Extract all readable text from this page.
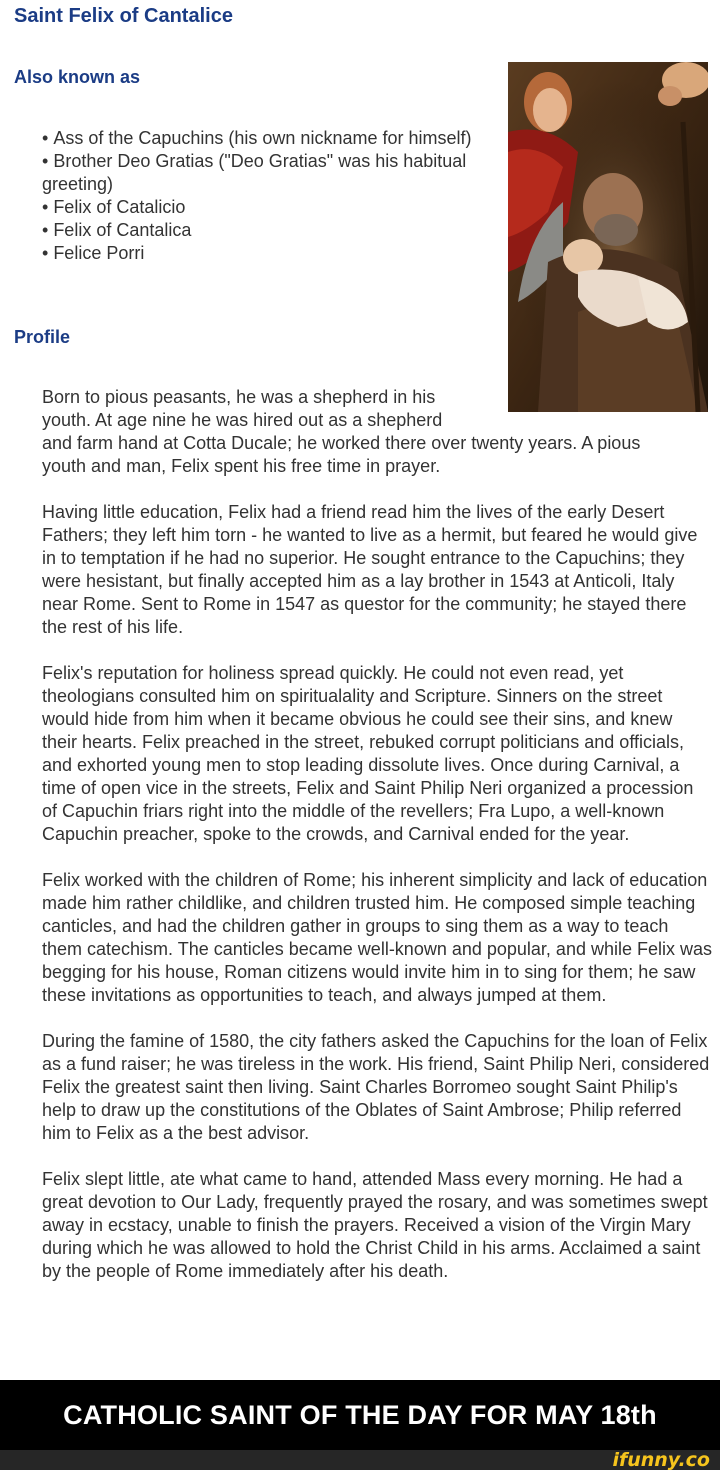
Saint Felix of Cantalice
Also known as
• Ass of the Capuchins (his own nickname for himself)
• Brother Deo Gratias ("Deo Gratias" was his habitual greeting)
• Felix of Catalicio
• Felix of Cantalica
• Felice Porri
Profile

Born to pious peasants, he was a shepherd in his
youth. At age nine he was hired out as a shepherd
and farm hand at Cotta Ducale; he worked there over twenty years. A pious
youth and man, Felix spent his free time in prayer.

Having little education, Felix had a friend read him the lives of the early Desert Fathers; they left him torn - he wanted to live as a hermit, but feared he would give in to temptation if he had no superior. He sought entrance to the Capuchins; they were hesistant, but finally accepted him as a lay brother in 1543 at Anticoli, Italy near Rome. Sent to Rome in 1547 as questor for the community; he stayed there the rest of his life.

Felix's reputation for holiness spread quickly. He could not even read, yet theologians consulted him on spiritualality and Scripture. Sinners on the street would hide from him when it became obvious he could see their sins, and knew their hearts. Felix preached in the street, rebuked corrupt politicians and officials, and exhorted young men to stop leading dissolute lives. Once during Carnival, a time of open vice in the streets, Felix and Saint Philip Neri organized a procession of Capuchin friars right into the middle of the revellers; Fra Lupo, a well-known Capuchin preacher, spoke to the crowds, and Carnival ended for the year.

Felix worked with the children of Rome; his inherent simplicity and lack of education made him rather childlike, and children trusted him. He composed simple teaching canticles, and had the children gather in groups to sing them as a way to teach them catechism. The canticles became well-known and popular, and while Felix was begging for his house, Roman citizens would invite him in to sing for them; he saw these invitations as opportunities to teach, and always jumped at them.

During the famine of 1580, the city fathers asked the Capuchins for the loan of Felix as a fund raiser; he was tireless in the work. His friend, Saint Philip Neri, considered Felix the greatest saint then living. Saint Charles Borromeo sought Saint Philip's help to draw up the constitutions of the Oblates of Saint Ambrose; Philip referred him to Felix as a the best advisor.

Felix slept little, ate what came to hand, attended Mass every morning. He had a great devotion to Our Lady, frequently prayed the rosary, and was sometimes swept away in ecstacy, unable to finish the prayers. Received a vision of the Virgin Mary during which he was allowed to hold the Christ Child in his arms. Acclaimed a saint by the people of Rome immediately after his death.

CATHOLIC SAINT OF THE DAY FOR MAY 18th
ifunny.co
